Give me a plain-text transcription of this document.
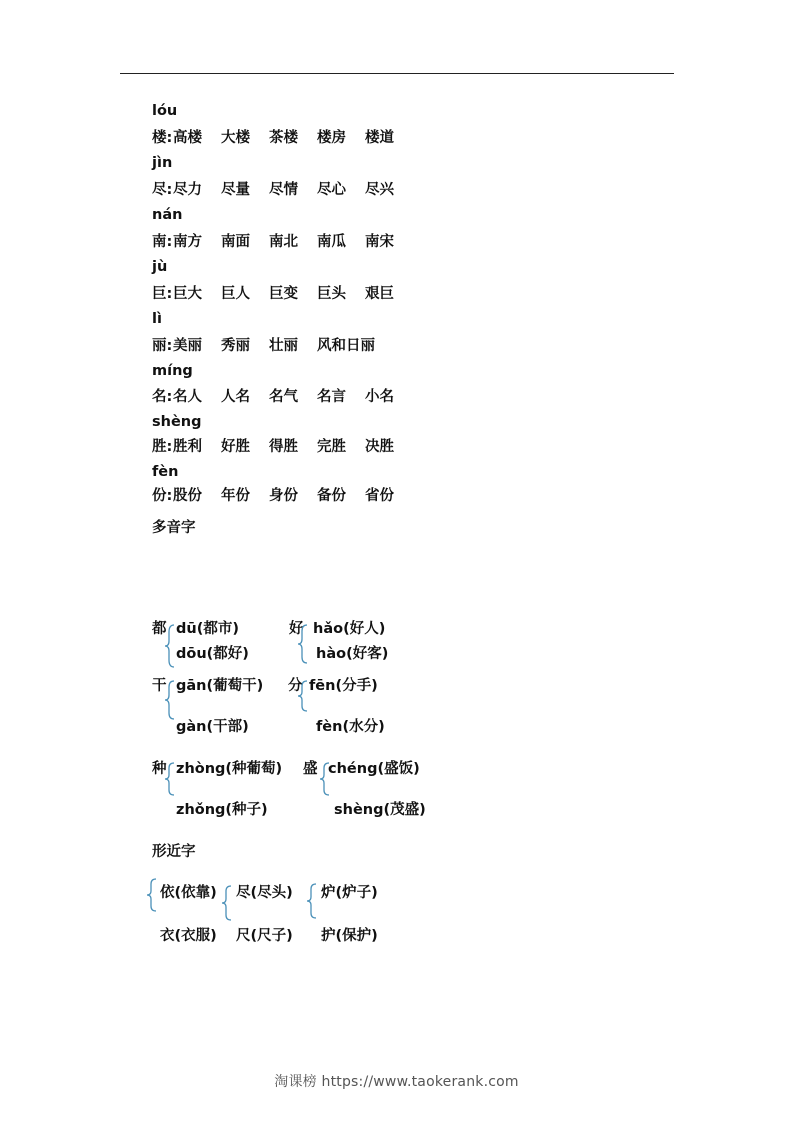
lóu
楼: 高楼 大楼 茶楼 楼房 楼道
jìn
尽: 尽力 尽量 尽情 尽心 尽兴
nán
南: 南方 南面 南北 南瓜 南宋
jù
巨: 巨大 巨人 巨变 巨头 艰巨
lì
丽: 美丽 秀丽 壮丽 风和日丽
míng
名: 名人 人名 名气 名言 小名
shèng
胜: 胜利 好胜 得胜 完胜 决胜
fèn
份: 股份 年份 身份 备份 省份
多音字
都 dū(都市)
dōu(都好)
好 hǎo(好人)
hào(好客)
干 gān(葡萄干)
gàn(干部)
分 fēn(分手)
fèn(水分)
种 zhòng(种葡萄)
zhǒng(种子)
盛 chéng(盛饭)
shèng(茂盛)
形近字
依(依靠)
衣(衣服)
尽(尽头)
尺(尺子)
炉(炉子)
护(保护)
淘课榜 https://www.taokerank.com
